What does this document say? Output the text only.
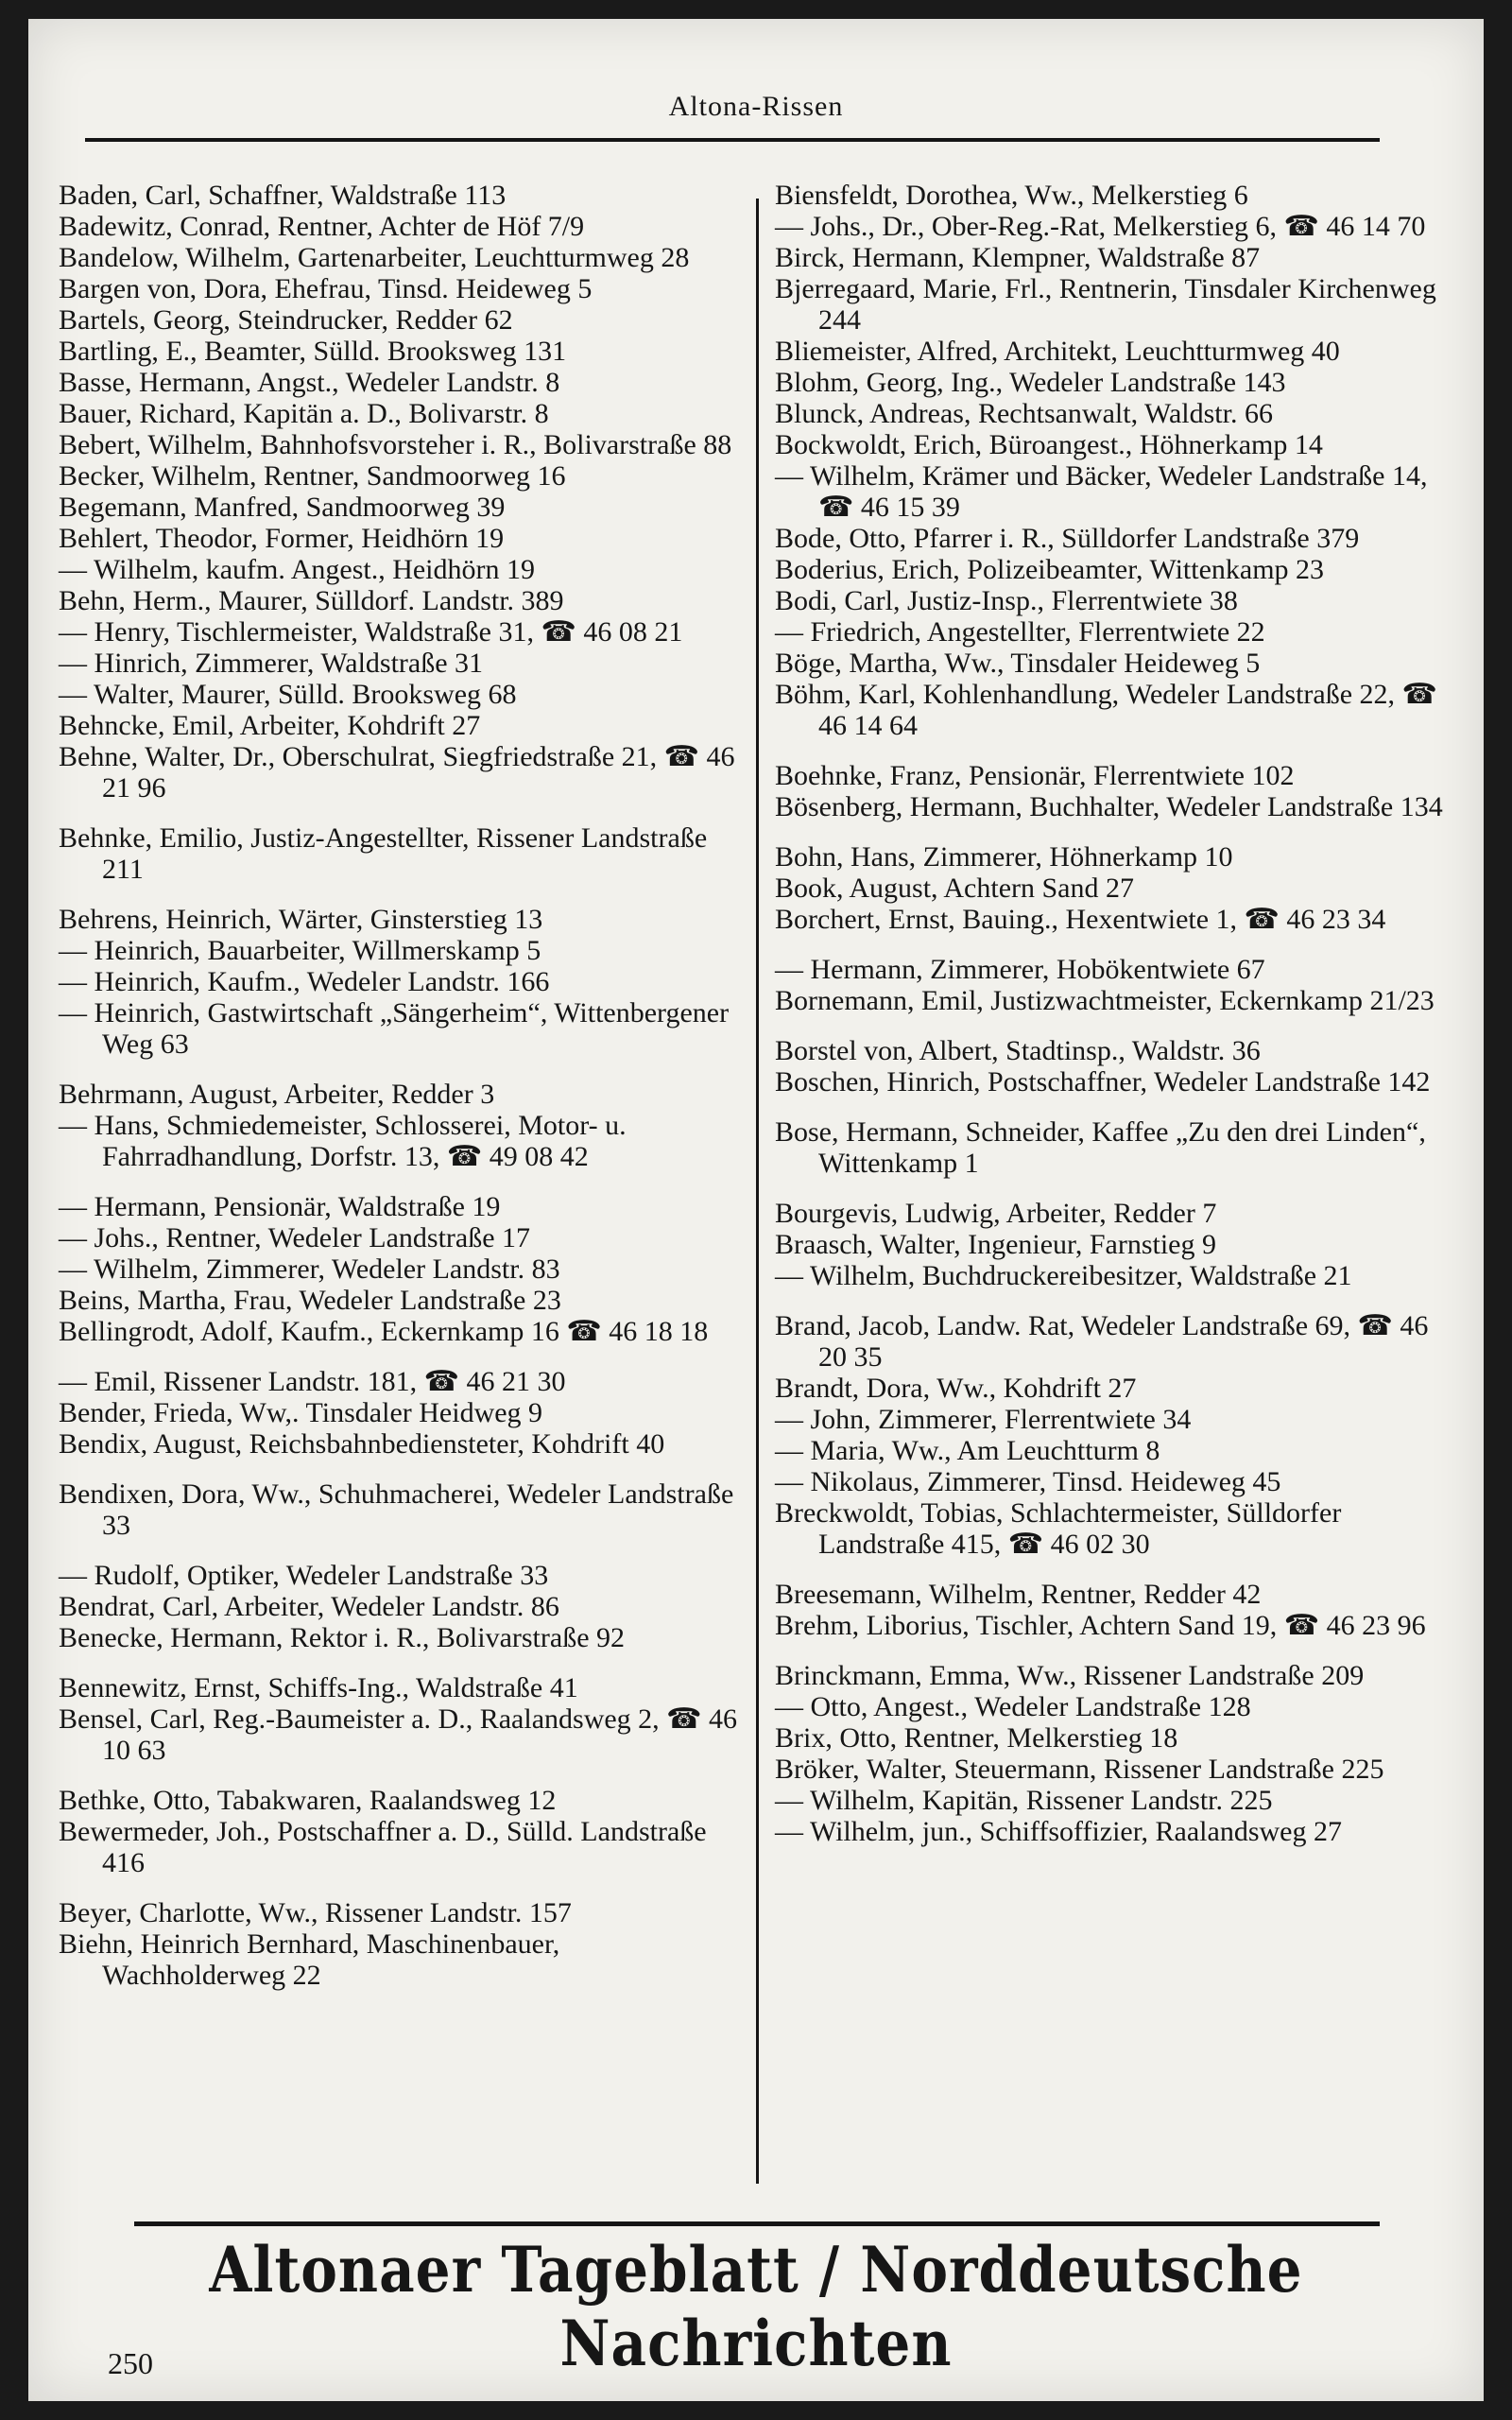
Altona-Rissen
Baden, Carl, Schaffner, Waldstraße 113
Badewitz, Conrad, Rentner, Achter de Höf 7/9
Bandelow, Wilhelm, Gartenarbeiter, Leuchtturmweg 28
Bargen von, Dora, Ehefrau, Tinsd. Heideweg 5
Bartels, Georg, Steindrucker, Redder 62
Bartling, E., Beamter, Sülld. Brooksweg 131
Basse, Hermann, Angst., Wedeler Landstr. 8
Bauer, Richard, Kapitän a. D., Bolivarstr. 8
Bebert, Wilhelm, Bahnhofsvorsteher i. R., Bolivarstraße 88
Becker, Wilhelm, Rentner, Sandmoorweg 16
Begemann, Manfred, Sandmoorweg 39
Behlert, Theodor, Former, Heidhörn 19
— Wilhelm, kaufm. Angest., Heidhörn 19
Behn, Herm., Maurer, Sülldorf. Landstr. 389
— Henry, Tischlermeister, Waldstraße 31, ☎ 46 08 21
— Hinrich, Zimmerer, Waldstraße 31
— Walter, Maurer, Sülld. Brooksweg 68
Behncke, Emil, Arbeiter, Kohdrift 27
Behne, Walter, Dr., Oberschulrat, Siegfriedstraße 21, ☎ 46 21 96
Behnke, Emilio, Justiz-Angestellter, Rissener Landstraße 211
Behrens, Heinrich, Wärter, Ginsterstieg 13
— Heinrich, Bauarbeiter, Willmerskamp 5
— Heinrich, Kaufm., Wedeler Landstr. 166
— Heinrich, Gastwirtschaft „Sängerheim“, Wittenbergener Weg 63
Behrmann, August, Arbeiter, Redder 3
— Hans, Schmiedemeister, Schlosserei, Motor- u. Fahrradhandlung, Dorfstr. 13, ☎ 49 08 42
— Hermann, Pensionär, Waldstraße 19
— Johs., Rentner, Wedeler Landstraße 17
— Wilhelm, Zimmerer, Wedeler Landstr. 83
Beins, Martha, Frau, Wedeler Landstraße 23
Bellingrodt, Adolf, Kaufm., Eckernkamp 16 ☎ 46 18 18
— Emil, Rissener Landstr. 181, ☎ 46 21 30
Bender, Frieda, Ww,. Tinsdaler Heidweg 9
Bendix, August, Reichsbahnbediensteter, Kohdrift 40
Bendixen, Dora, Ww., Schuhmacherei, Wedeler Landstraße 33
— Rudolf, Optiker, Wedeler Landstraße 33
Bendrat, Carl, Arbeiter, Wedeler Landstr. 86
Benecke, Hermann, Rektor i. R., Bolivarstraße 92
Bennewitz, Ernst, Schiffs-Ing., Waldstraße 41
Bensel, Carl, Reg.-Baumeister a. D., Raalandsweg 2, ☎ 46 10 63
Bethke, Otto, Tabakwaren, Raalandsweg 12
Bewermeder, Joh., Postschaffner a. D., Sülld. Landstraße 416
Beyer, Charlotte, Ww., Rissener Landstr. 157
Biehn, Heinrich Bernhard, Maschinenbauer, Wachholderweg 22
Biensfeldt, Dorothea, Ww., Melkerstieg 6
— Johs., Dr., Ober-Reg.-Rat, Melkerstieg 6, ☎ 46 14 70
Birck, Hermann, Klempner, Waldstraße 87
Bjerregaard, Marie, Frl., Rentnerin, Tinsdaler Kirchenweg 244
Bliemeister, Alfred, Architekt, Leuchtturmweg 40
Blohm, Georg, Ing., Wedeler Landstraße 143
Blunck, Andreas, Rechtsanwalt, Waldstr. 66
Bockwoldt, Erich, Büroangest., Höhnerkamp 14
— Wilhelm, Krämer und Bäcker, Wedeler Landstraße 14, ☎ 46 15 39
Bode, Otto, Pfarrer i. R., Sülldorfer Landstraße 379
Boderius, Erich, Polizeibeamter, Wittenkamp 23
Bodi, Carl, Justiz-Insp., Flerrentwiete 38
— Friedrich, Angestellter, Flerrentwiete 22
Böge, Martha, Ww., Tinsdaler Heideweg 5
Böhm, Karl, Kohlenhandlung, Wedeler Landstraße 22, ☎ 46 14 64
Boehnke, Franz, Pensionär, Flerrentwiete 102
Bösenberg, Hermann, Buchhalter, Wedeler Landstraße 134
Bohn, Hans, Zimmerer, Höhnerkamp 10
Book, August, Achtern Sand 27
Borchert, Ernst, Bauing., Hexentwiete 1, ☎ 46 23 34
— Hermann, Zimmerer, Hobökentwiete 67
Bornemann, Emil, Justizwachtmeister, Eckernkamp 21/23
Borstel von, Albert, Stadtinsp., Waldstr. 36
Boschen, Hinrich, Postschaffner, Wedeler Landstraße 142
Bose, Hermann, Schneider, Kaffee „Zu den drei Linden“, Wittenkamp 1
Bourgevis, Ludwig, Arbeiter, Redder 7
Braasch, Walter, Ingenieur, Farnstieg 9
— Wilhelm, Buchdruckereibesitzer, Waldstraße 21
Brand, Jacob, Landw. Rat, Wedeler Landstraße 69, ☎ 46 20 35
Brandt, Dora, Ww., Kohdrift 27
— John, Zimmerer, Flerrentwiete 34
— Maria, Ww., Am Leuchtturm 8
— Nikolaus, Zimmerer, Tinsd. Heideweg 45
Breckwoldt, Tobias, Schlachtermeister, Sülldorfer Landstraße 415, ☎ 46 02 30
Breesemann, Wilhelm, Rentner, Redder 42
Brehm, Liborius, Tischler, Achtern Sand 19, ☎ 46 23 96
Brinckmann, Emma, Ww., Rissener Landstraße 209
— Otto, Angest., Wedeler Landstraße 128
Brix, Otto, Rentner, Melkerstieg 18
Bröker, Walter, Steuermann, Rissener Landstraße 225
— Wilhelm, Kapitän, Rissener Landstr. 225
— Wilhelm, jun., Schiffsoffizier, Raalandsweg 27
Altonaer Tageblatt / Norddeutsche Nachrichten
250
